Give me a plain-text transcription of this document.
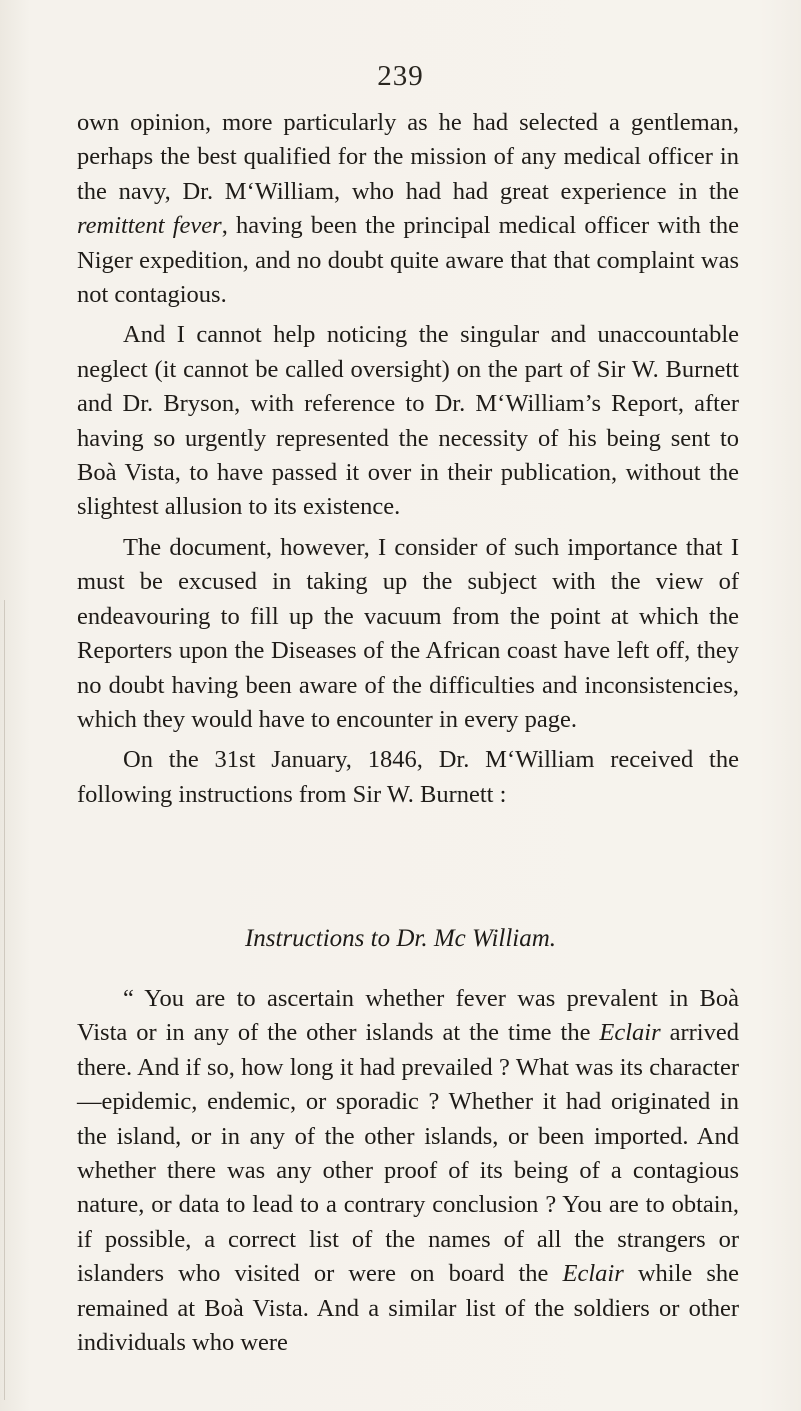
239

own opinion, more particularly as he had selected a gentleman, perhaps the best qualified for the mission of any medical officer in the navy, Dr. M‘William, who had had great experience in the remittent fever, having been the principal medical officer with the Niger expedition, and no doubt quite aware that that complaint was not contagious.

And I cannot help noticing the singular and unaccountable neglect (it cannot be called oversight) on the part of Sir W. Burnett and Dr. Bryson, with reference to Dr. M‘William’s Report, after having so urgently represented the necessity of his being sent to Boà Vista, to have passed it over in their publication, without the slightest allusion to its existence.

The document, however, I consider of such importance that I must be excused in taking up the subject with the view of endeavouring to fill up the vacuum from the point at which the Reporters upon the Diseases of the African coast have left off, they no doubt having been aware of the difficulties and inconsistencies, which they would have to encounter in every page.

On the 31st January, 1846, Dr. M‘William received the following instructions from Sir W. Burnett :

Instructions to Dr. Mc William.

“ You are to ascertain whether fever was prevalent in Boà Vista or in any of the other islands at the time the Eclair arrived there. And if so, how long it had prevailed ? What was its character—epidemic, endemic, or sporadic ? Whether it had originated in the island, or in any of the other islands, or been imported. And whether there was any other proof of its being of a contagious nature, or data to lead to a contrary conclusion ? You are to obtain, if possible, a correct list of the names of all the strangers or islanders who visited or were on board the Eclair while she remained at Boà Vista. And a similar list of the soldiers or other individuals who were
